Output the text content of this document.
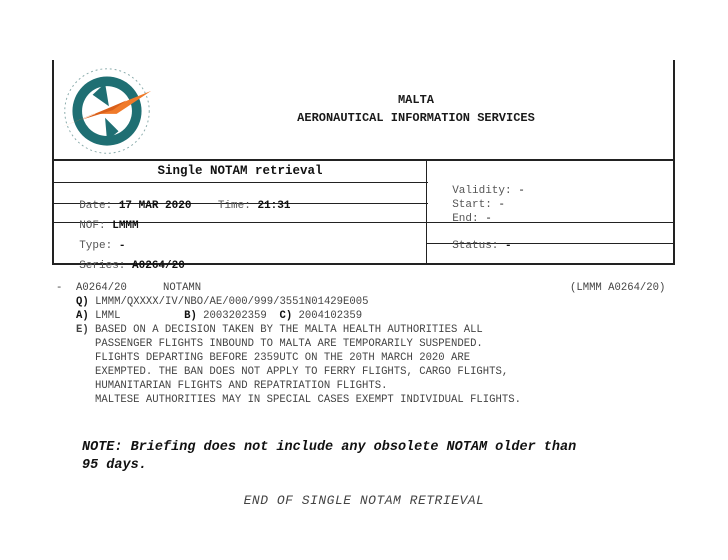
MALTA
AERONAUTICAL INFORMATION SERVICES
Single NOTAM retrieval

Date: 17 MAR 2020 Time: 21:31

NOF: LMMM

Type: -

Series: A0264/20

Validity: -

Start: -

End: -

Status: -

- A0264/20	NOTAMN	(LMMM A0264/20)
Q) LMMM/QXXXX/IV/NBO/AE/000/999/3551N01429E005
A) LMML	B) 2003202359 C) 2004102359
E) BASED ON A DECISION TAKEN BY THE MALTA HEALTH AUTHORITIES ALL
PASSENGER FLIGHTS INBOUND TO MALTA ARE TEMPORARILY SUSPENDED.
FLIGHTS DEPARTING BEFORE 2359UTC ON THE 20TH MARCH 2020 ARE
EXEMPTED. THE BAN DOES NOT APPLY TO FERRY FLIGHTS, CARGO FLIGHTS,
HUMANITARIAN FLIGHTS AND REPATRIATION FLIGHTS.
MALTESE AUTHORITIES MAY IN SPECIAL CASES EXEMPT INDIVIDUAL FLIGHTS.
NOTE: Briefing does not include any obsolete NOTAM older than
95 days.
END OF SINGLE NOTAM RETRIEVAL
